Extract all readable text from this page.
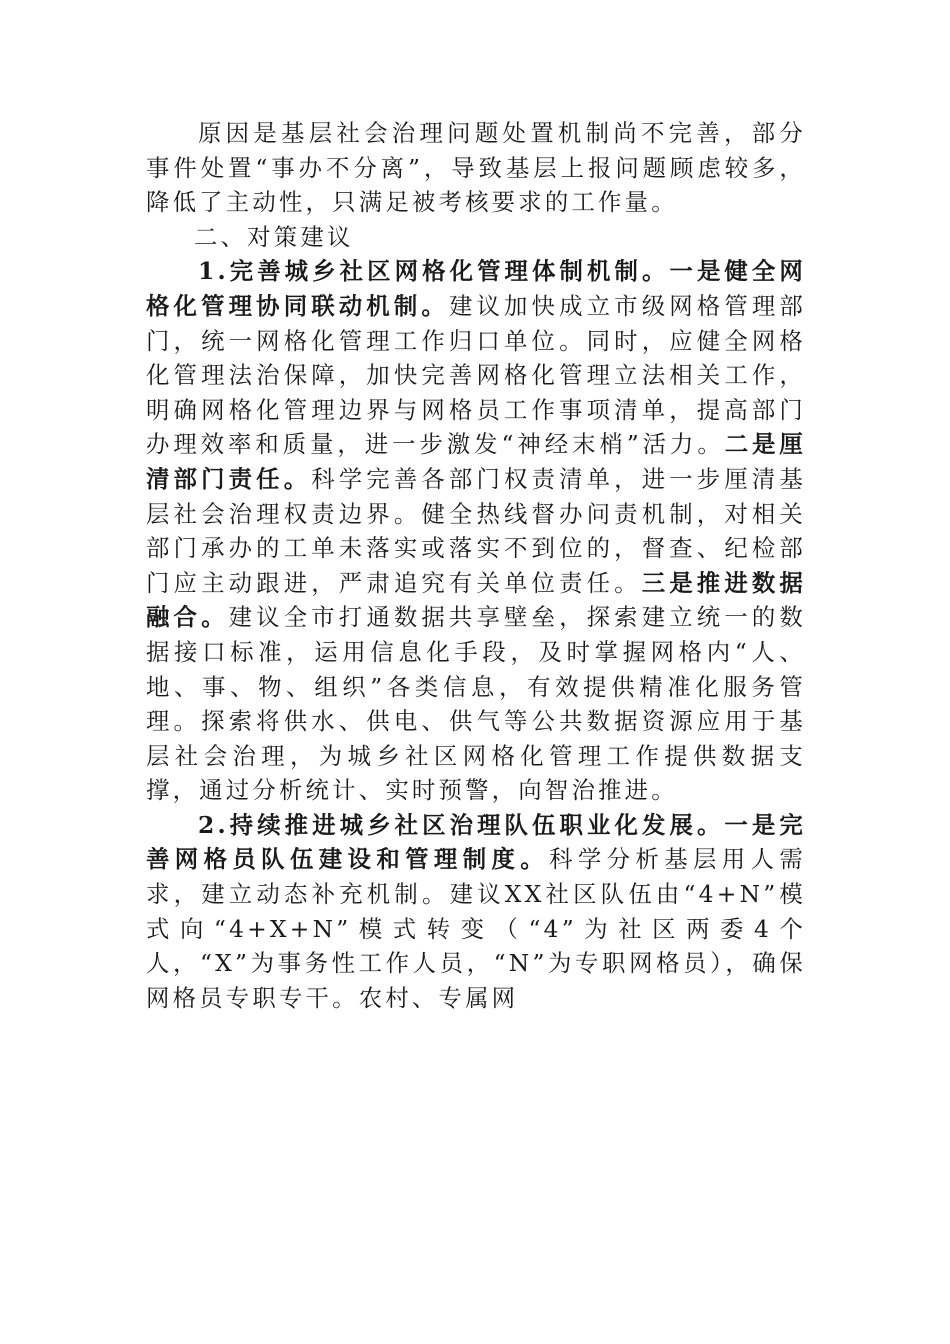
原因是基层社会治理问题处置机制尚不完善，部分事件处置“事办不分离”，导致基层上报问题顾虑较多，降低了主动性，只满足被考核要求的工作量。

二、对策建议

1.完善城乡社区网格化管理体制机制。一是健全网格化管理协同联动机制。建议加快成立市级网格管理部门，统一网格化管理工作归口单位。同时，应健全网格化管理法治保障，加快完善网格化管理立法相关工作，明确网格化管理边界与网格员工作事项清单，提高部门办理效率和质量，进一步激发“神经末梢”活力。二是厘清部门责任。科学完善各部门权责清单，进一步厘清基层社会治理权责边界。健全热线督办问责机制，对相关部门承办的工单未落实或落实不到位的，督查、纪检部门应主动跟进，严肃追究有关单位责任。三是推进数据融合。建议全市打通数据共享壁垒，探索建立统一的数据接口标准，运用信息化手段，及时掌握网格内“人、地、事、物、组织”各类信息，有效提供精准化服务管理。探索将供水、供电、供气等公共数据资源应用于基层社会治理，为城乡社区网格化管理工作提供数据支撑，通过分析统计、实时预警，向智治推进。

2.持续推进城乡社区治理队伍职业化发展。一是完善网格员队伍建设和管理制度。科学分析基层用人需求，建立动态补充机制。建议XX社区队伍由“4+N”模式向“4+X+N”模式转变（“4”为社区两委4个人，“X”为事务性工作人员，“N”为专职网格员），确保网格员专职专干。农村、专属网
